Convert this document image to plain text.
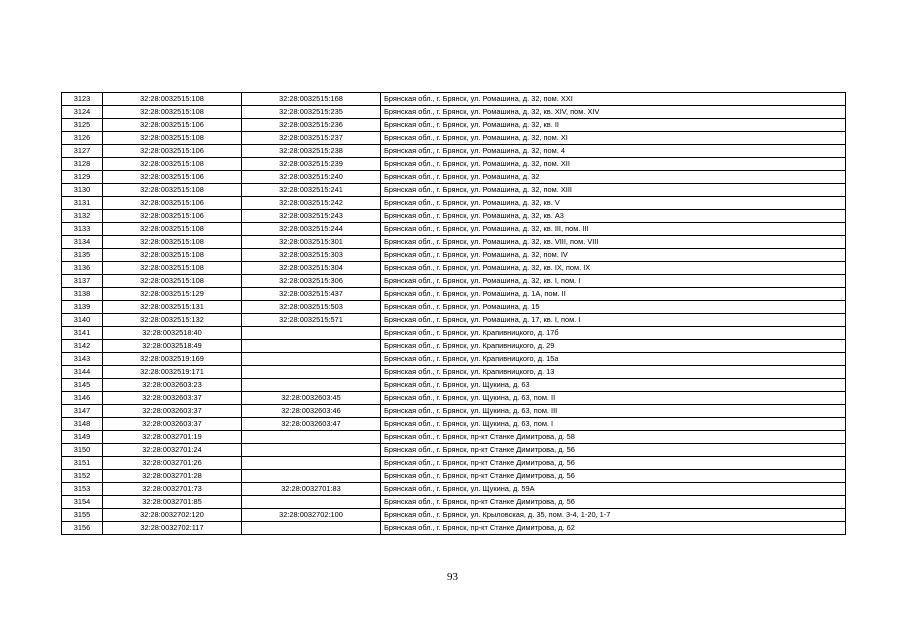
3123	32:28:0032515:108	32:28:0032515:168	Брянская обл., г. Брянск, ул. Ромашина, д. 32, пом. XXI
3124	32:28:0032515:108	32:28:0032515:235	Брянская обл., г. Брянск, ул. Ромашина, д. 32, кв. XIV, пом. XIV
3125	32:28:0032515:106	32:28:0032515:236	Брянская обл., г. Брянск, ул. Ромашина, д. 32, кв. II
3126	32:28:0032515:108	32:28:0032515:237	Брянская обл., г. Брянск, ул. Ромашина, д. 32, пом. XI
3127	32:28:0032515:106	32:28:0032515:238	Брянская обл., г. Брянск, ул. Ромашина, д. 32, пом. 4
3128	32:28:0032515:108	32:28:0032515:239	Брянская обл., г. Брянск, ул. Ромашина, д. 32, пом. XII
3129	32:28:0032515:106	32:28:0032515:240	Брянская обл., г. Брянск, ул. Ромашина, д. 32
3130	32:28:0032515:108	32:28:0032515:241	Брянская обл., г. Брянск, ул. Ромашина, д. 32, пом. XIII
3131	32:28:0032515:106	32:28:0032515:242	Брянская обл., г. Брянск, ул. Ромашина, д. 32, кв. V
3132	32:28:0032515:106	32:28:0032515:243	Брянская обл., г. Брянск, ул. Ромашина, д. 32, кв. А3
3133	32:28:0032515:108	32:28:0032515:244	Брянская обл., г. Брянск, ул. Ромашина, д. 32, кв. III, пом. III
3134	32:28:0032515:108	32:28:0032515:301	Брянская обл., г. Брянск, ул. Ромашина, д. 32, кв. VIII, пом. VIII
3135	32:28:0032515:108	32:28:0032515:303	Брянская обл., г. Брянск, ул. Ромашина, д. 32, пом. IV
3136	32:28:0032515:108	32:28:0032515:304	Брянская обл., г. Брянск, ул. Ромашина, д. 32, кв. IX, пом. IX
3137	32:28:0032515:108	32:28:0032515:306	Брянская обл., г. Брянск, ул. Ромашина, д. 32, кв. I, пом. I
3138	32:28:0032515:129	32:28:0032515:437	Брянская обл., г. Брянск, ул. Ромашина, д. 1А, пом. II
3139	32:28:0032515:131	32:28:0032515:503	Брянская обл., г. Брянск, ул. Ромашина, д. 15
3140	32:28:0032515:132	32:28:0032515:571	Брянская обл., г. Брянск, ул. Ромашина, д. 17, кв. I, пом. I
3141	32:28:0032518:40		Брянская обл., г. Брянск, ул. Крапивницкого, д. 17б
3142	32:28:0032518:49		Брянская обл., г. Брянск, ул. Крапивницкого, д. 29
3143	32:28:0032519:169		Брянская обл., г. Брянск, ул. Крапивницкого, д. 15а
3144	32:28:0032519:171		Брянская обл., г. Брянск, ул. Крапивницкого, д. 13
3145	32:28:0032603:23		Брянская обл., г. Брянск, ул. Щукина, д. 63
3146	32:28:0032603:37	32:28:0032603:45	Брянская обл., г. Брянск, ул. Щукина, д. 63, пом. II
3147	32:28:0032603:37	32:28:0032603:46	Брянская обл., г. Брянск, ул. Щукина, д. 63, пом. III
3148	32:28:0032603:37	32:28:0032603:47	Брянская обл., г. Брянск, ул. Щукина, д. 63, пом. I
3149	32:28:0032701:19		Брянская обл., г. Брянск, пр-кт Станке Димитрова, д. 58
3150	32:28:0032701:24		Брянская обл., г. Брянск, пр-кт Станке Димитрова, д. 56
3151	32:28:0032701:26		Брянская обл., г. Брянск, пр-кт Станке Димитрова, д. 56
3152	32:28:0032701:28		Брянская обл., г. Брянск, пр-кт Станке Димитрова, д. 56
3153	32:28:0032701:73	32:28:0032701:83	Брянская обл., г. Брянск, ул. Щукина, д. 59А
3154	32:28:0032701:85		Брянская обл., г. Брянск, пр-кт Станке Димитрова, д. 56
3155	32:28:0032702:120	32:28:0032702:100	Брянская обл., г. Брянск, ул. Крыловская, д. 35, пом. 3-4, 1-20, 1-7
3156	32:28:0032702:117		Брянская обл., г. Брянск, пр-кт Станке Димитрова, д. 62
93
